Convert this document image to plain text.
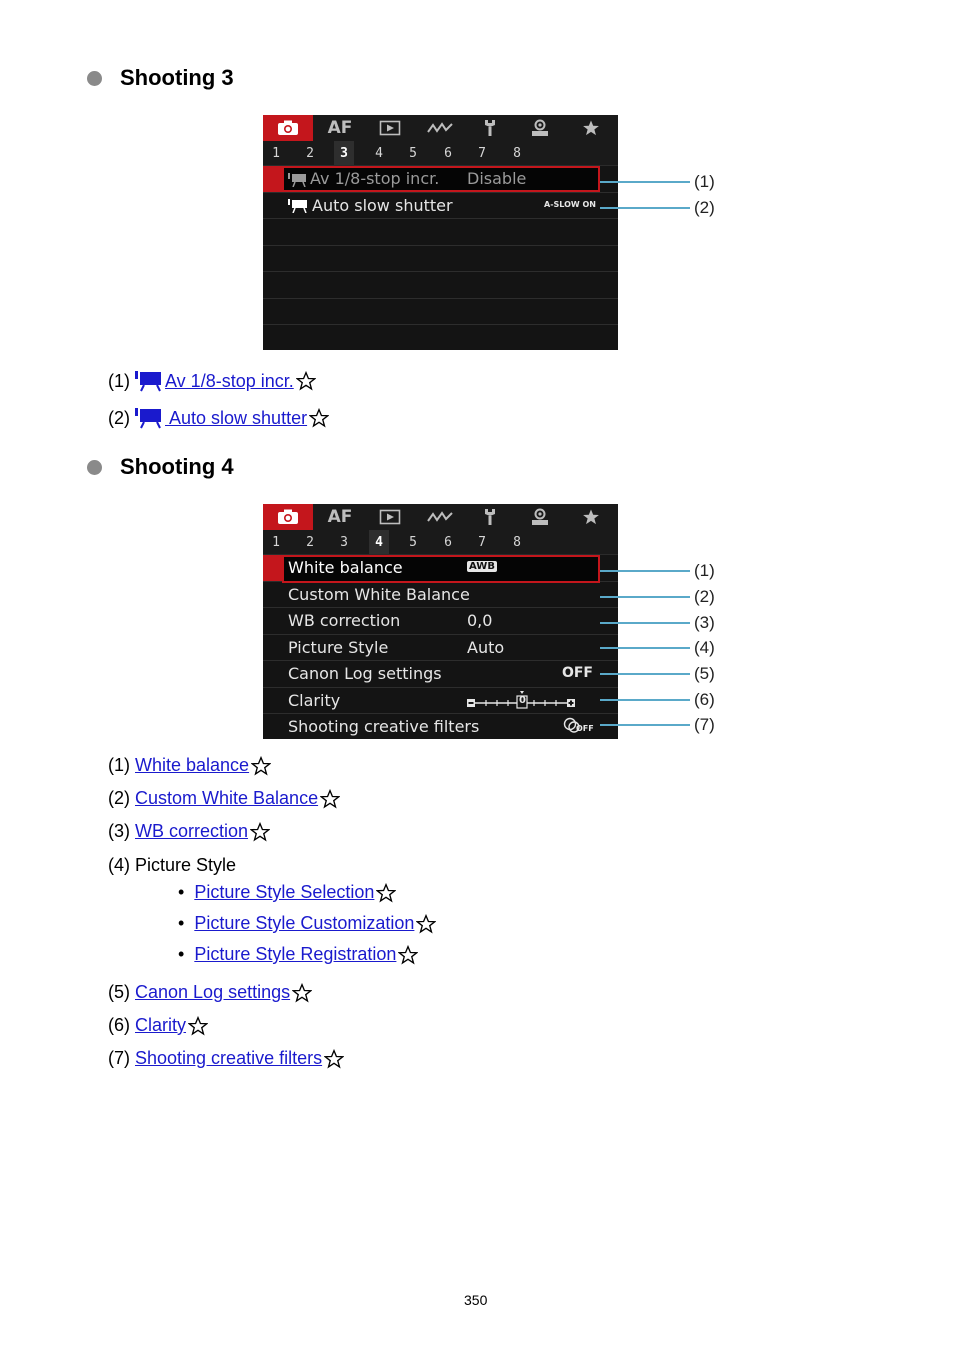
Shooting 3
AF
1	2	3	4	5	6	7	8
Av 1/8-stop incr. Disable
Auto slow shutter	A-SLOW ON
(1)
(2)
(1) Av 1/8-stop incr.
(2) Auto slow shutter
Shooting 4
AF
1	2	3	4	5	6	7	8
White balance	AWB
Custom White Balance
WB correction	0,0
Picture Style	Auto
Canon Log settings	OFF
Clarity	0
Shooting creative filters	OFF
(1)
(2)
(3)
(4)
(5)
(6)
(7)
(1) White balance
(2) Custom White Balance
(3) WB correction
(4) Picture Style
• Picture Style Selection
• Picture Style Customization
• Picture Style Registration
(5) Canon Log settings
(6) Clarity
(7) Shooting creative filters
350
